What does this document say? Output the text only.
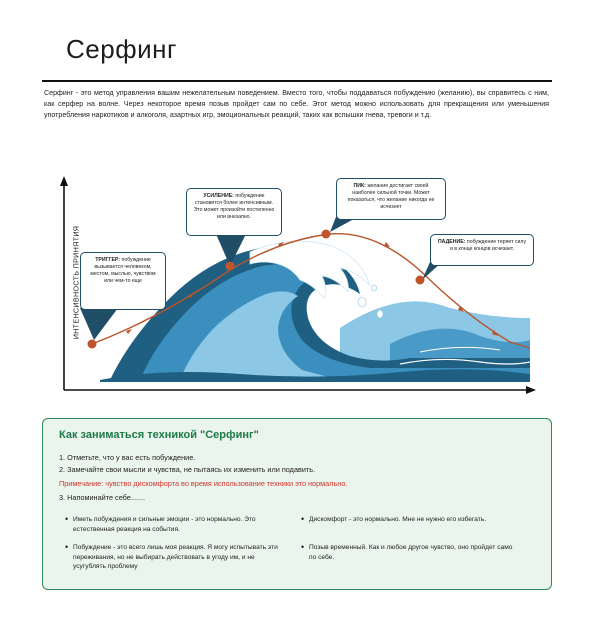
Серфинг

Серфинг - это метод управления вашим нежелательным поведением. Вместо того, чтобы поддаваться побуждению (желанию), вы справитесь с ним, как серфер на волне. Через некоторое время позыв пройдет сам по себе. Этот метод можно использовать для прекращения или уменьшения употребления наркотиков и алкоголя, азартных игр, эмоциональных реакций, таких как вспышки гнева, тревоги и т.д.

ИНТЕНСИВНОСТЬ ПРИНЯТИЯ	ТРИГГЕР: побуждение вызывается человеком, местом, мыслью, чувством или чем-то еще
УСИЛЕНИЕ: побуждение становится более интенсивным. Это может произойти постепенно или внезапно.
ПИК: желание достигает своей наиболее сильной точки. Может показаться, что желание никогда не исчезнет
ПАДЕНИЕ: побуждение теряет силу и в конце концов исчезает.
Как заниматься техникой "Серфинг"
1. Отметьте, что у вас есть побуждение.
2. Замечайте свои мысли и чувства, не пытаясь их изменить или подавить.
Примечание: чувство дискомфорта во время использование техники это нормально.
3. Напоминайте себе.......
• Иметь побуждения и сильные эмоции - это нормально. Это естественная реакция на события.
• Побуждение - это всего лишь моя реакция. Я могу испытывать эти переживания, но не выбирать действовать в угоду им, и не усугублять проблему
• Дискомфорт - это нормально. Мне не нужно его избегать.
• Позыв временный. Как и любое другое чувство, оно пройдет само по себе.
